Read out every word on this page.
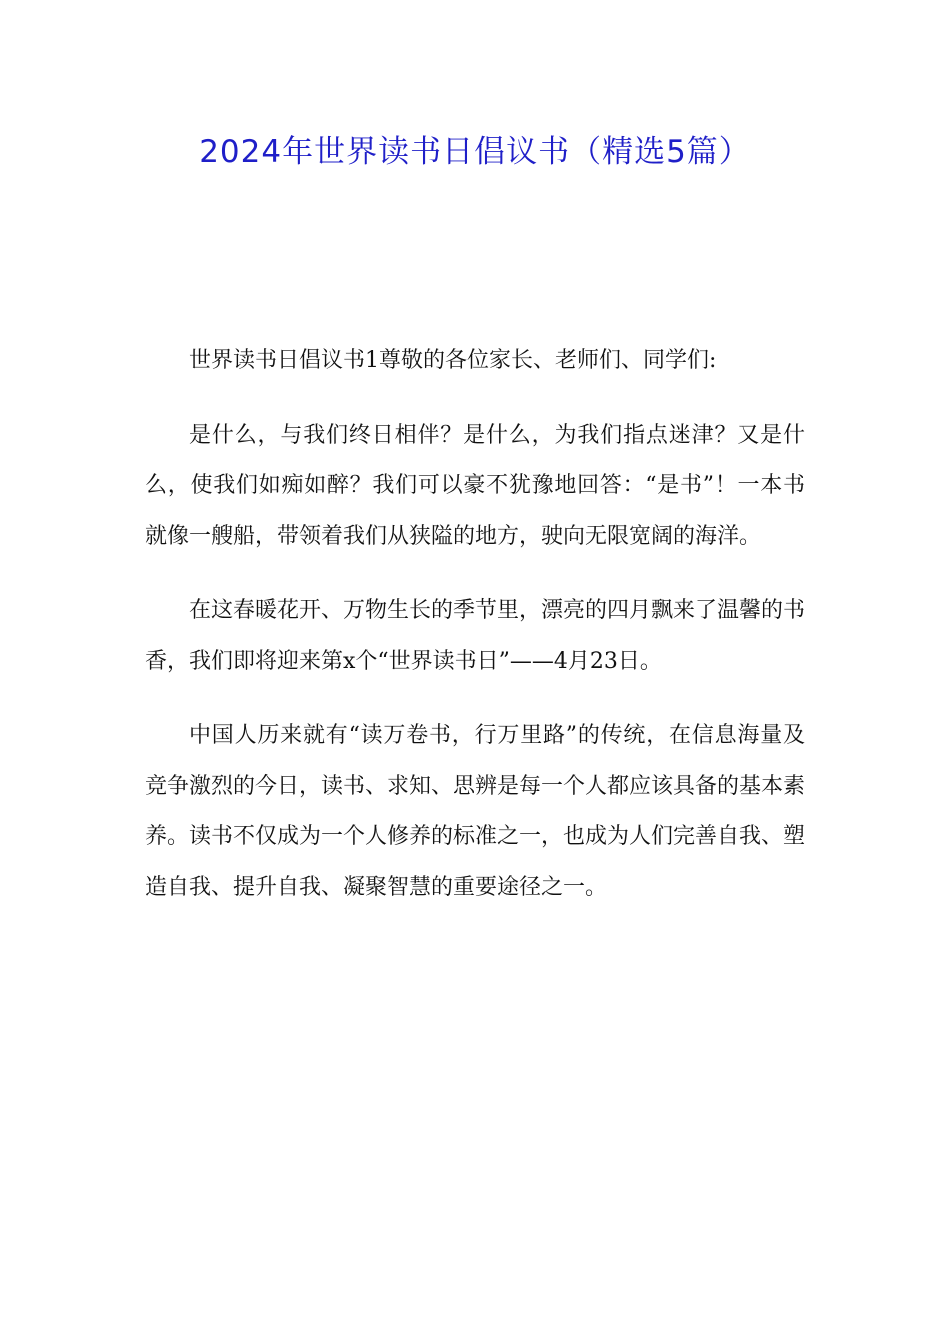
2024年世界读书日倡议书（精选5篇）

世界读书日倡议书1尊敬的各位家长、老师们、同学们:

是什么，与我们终日相伴？是什么，为我们指点迷津？又是什么，使我们如痴如醉？我们可以豪不犹豫地回答：“是书”！一本书就像一艘船，带领着我们从狭隘的地方，驶向无限宽阔的海洋。

在这春暖花开、万物生长的季节里，漂亮的四月飘来了温馨的书香，我们即将迎来第x个“世界读书日”——4月23日。

中国人历来就有“读万卷书，行万里路”的传统，在信息海量及竞争激烈的今日，读书、求知、思辨是每一个人都应该具备的基本素养。读书不仅成为一个人修养的标准之一，也成为人们完善自我、塑造自我、提升自我、凝聚智慧的重要途径之一。
